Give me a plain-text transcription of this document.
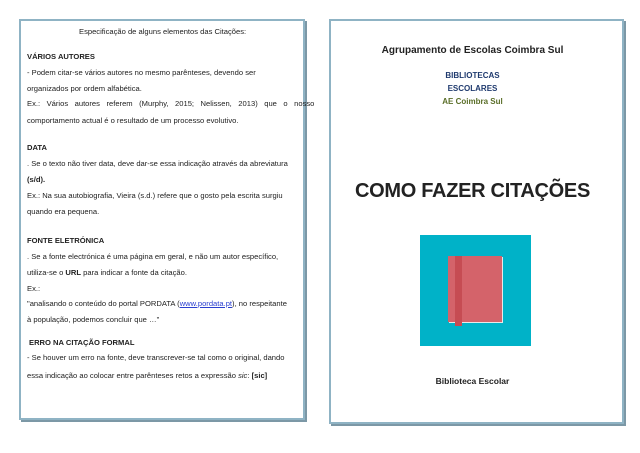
Especificação de alguns elementos das Citações:
VÁRIOS AUTORES
- Podem citar-se vários autores no mesmo parênteses, devendo ser
organizados por ordem alfabética.
Ex.: Vários autores referem (Murphy, 2015; Nelissen, 2013) que o nosso
comportamento actual é o resultado de um processo evolutivo.
DATA
. Se o texto não tiver data, deve dar-se essa indicação através da abreviatura
(s/d).
Ex.: Na sua autobiografia, Vieira (s.d.) refere que o gosto pela escrita surgiu
quando era pequena.
FONTE ELETRÓNICA
. Se a fonte electrónica é uma página em geral, e não um autor específico,
utiliza-se o URL para indicar a fonte da citação.
Ex.:
"analisando o conteúdo do portal PORDATA (www.pordata.pt), no respeitante
à população, podemos concluir que …"
ERRO NA CITAÇÃO FORMAL
- Se houver um erro na fonte, deve transcrever-se tal como o original, dando
essa indicação ao colocar entre parênteses retos a expressão sic: [sic]
Agrupamento de Escolas Coimbra Sul
BIBLIOTECAS
ESCOLARES
AE Coimbra Sul
COMO FAZER CITAÇÕES
Biblioteca Escolar
